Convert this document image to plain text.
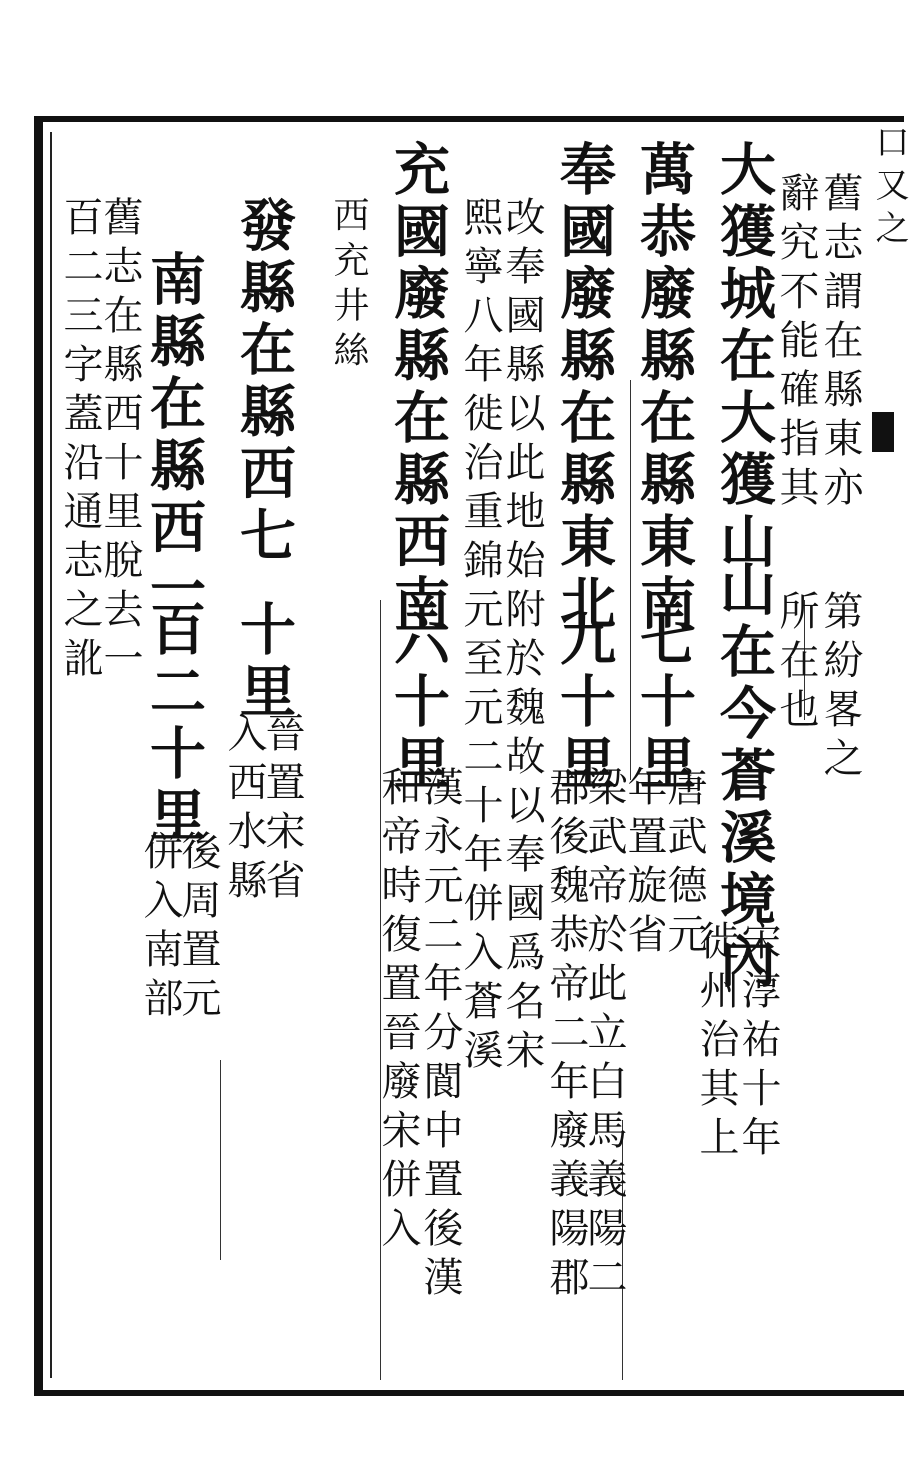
口又之
舊志謂在縣東亦
第紛畧之
辭究不能確指其
所在也
大獲城在大獲山
山在今蒼溪境內
宋淳祐十年
徙州治其上
萬恭廢縣在縣東南
七十里
唐武德元
年置旋省
奉國廢縣在縣東北
九十里
梁武帝於此立白馬義陽二
郡後魏恭帝二年廢義陽郡
改奉國縣以此地始附於魏故以奉國爲名宋
熙寧八年徙治重錦元至元二十年併入蒼溪
充國廢縣在縣西南
六十里
漢永元二年分閬中置後漢
和帝時復置晉廢宋併入
西充井絲
發縣在縣西七
十里
晉置宋省
入西水縣
南縣在縣西一
百二十里
後周置元
併入南部
舊志在縣西十里脫去一
百二三字蓋沿通志之訛
